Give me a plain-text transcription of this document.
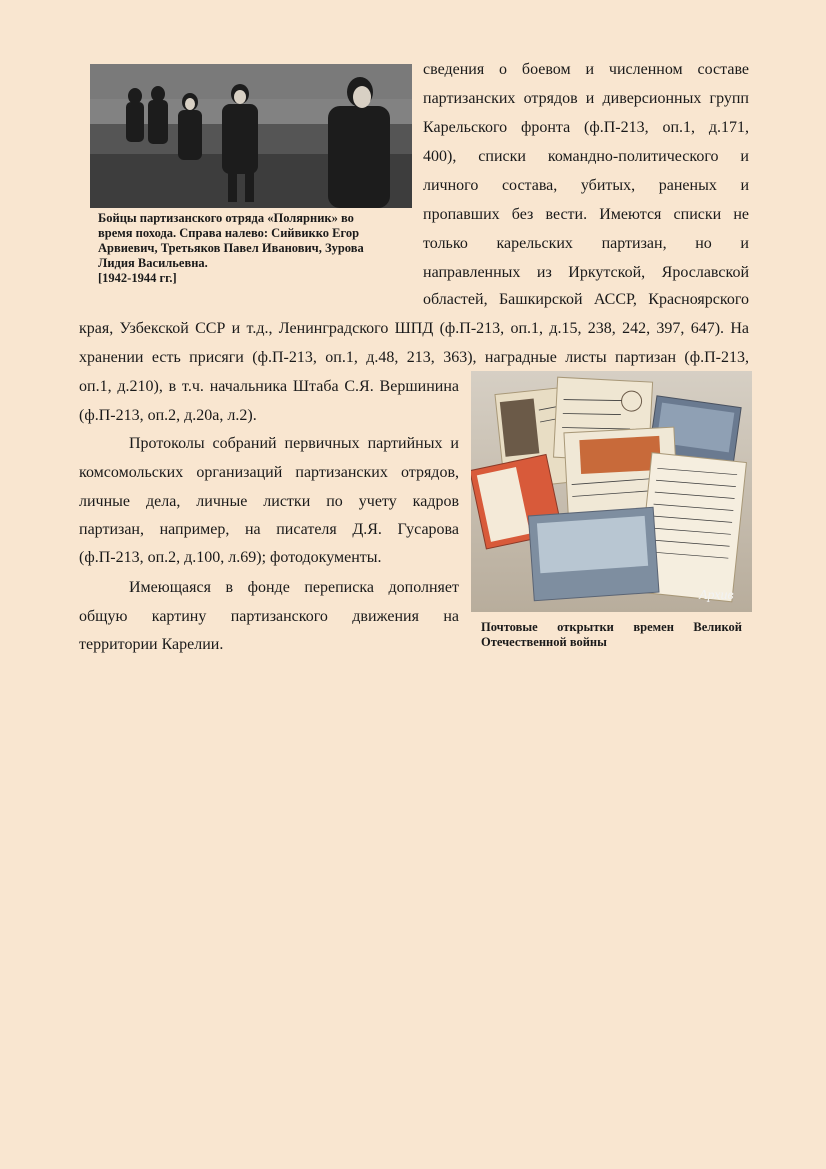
Бойцы партизанского отряда «Полярник» во
время похода. Справа налево: Сийвикко Егор
Арвиевич, Третьяков Павел Иванович, Зурова
Лидия Васильевна.
[1942-1944 гг.]
сведения о боевом и численном составе
партизанских отрядов и диверсионных групп
Карельского фронта (ф.П-213, оп.1, д.171,
400), списки командно-политического и
личного состава, убитых, раненых и
пропавших без вести. Имеются списки не
только карельских партизан, но и
направленных из Иркутской, Ярославской
областей, Башкирской АССР, Красноярского
края, Узбекской ССР и т.д., Ленинградского ШПД (ф.П-213, оп.1, д.15, 238, 242, 397, 647). На
хранении есть присяги (ф.П-213, оп.1, д.48, 213, 363), наградные листы партизан (ф.П-213,
оп.1, д.210), в т.ч. начальника Штаба С.Я. Вершинина
(ф.П-213, оп.2, д.20а, л.2).
Протоколы собраний первичных партийных и
комсомольских организаций партизанских отрядов,
личные дела, личные листки по учету кадров
партизан, например, на писателя Д.Я. Гусарова
(ф.П-213, оп.2, д.100, л.69); фотодокументы.
Имеющаяся в фонде переписка дополняет
общую картину партизанского движения на
территории Карелии.
Архив
Почтовые открытки времен Великой
Отечественной войны
